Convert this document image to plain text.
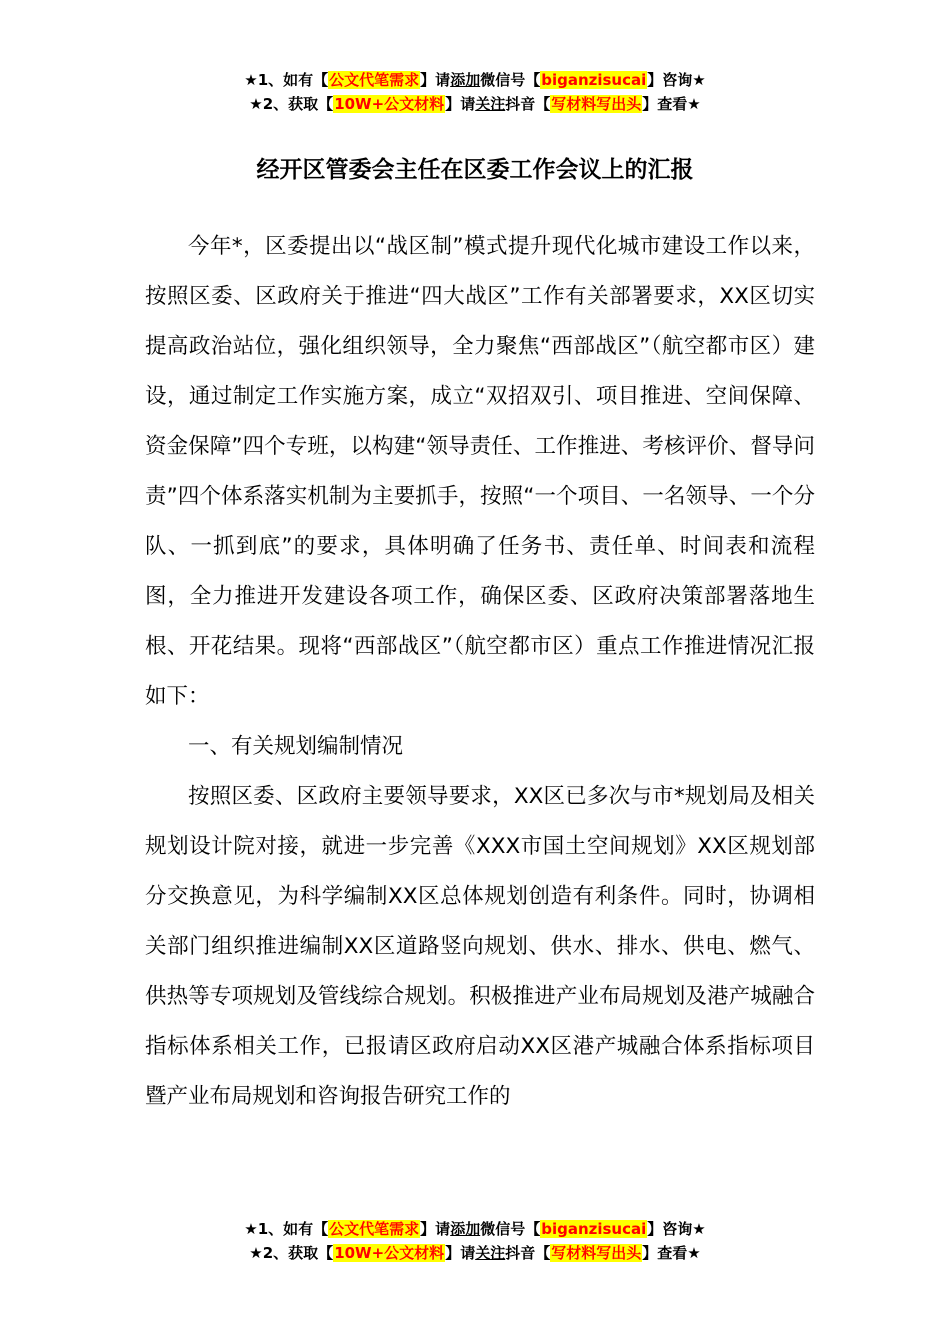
★1、如有【公文代笔需求】请添加微信号【biganzisucai】咨询★
★2、获取【10W+公文材料】请关注抖音【写材料写出头】查看★
经开区管委会主任在区委工作会议上的汇报

今年*，区委提出以“战区制”模式提升现代化城市建设工作以来，按照区委、区政府关于推进“四大战区”工作有关部署要求，XX区切实提高政治站位，强化组织领导，全力聚焦“西部战区”（航空都市区）建设，通过制定工作实施方案，成立“双招双引、项目推进、空间保障、资金保障”四个专班，以构建“领导责任、工作推进、考核评价、督导问责”四个体系落实机制为主要抓手，按照“一个项目、一名领导、一个分队、一抓到底”的要求，具体明确了任务书、责任单、时间表和流程图，全力推进开发建设各项工作，确保区委、区政府决策部署落地生根、开花结果。现将“西部战区”（航空都市区）重点工作推进情况汇报如下：

一、有关规划编制情况

按照区委、区政府主要领导要求，XX区已多次与市*规划局及相关规划设计院对接，就进一步完善《XXX市国土空间规划》XX区规划部分交换意见，为科学编制XX区总体规划创造有利条件。同时，协调相关部门组织推进编制XX区道路竖向规划、供水、排水、供电、燃气、供热等专项规划及管线综合规划。积极推进产业布局规划及港产城融合指标体系相关工作，已报请区政府启动XX区港产城融合体系指标项目暨产业布局规划和咨询报告研究工作的

★1、如有【公文代笔需求】请添加微信号【biganzisucai】咨询★
★2、获取【10W+公文材料】请关注抖音【写材料写出头】查看★
